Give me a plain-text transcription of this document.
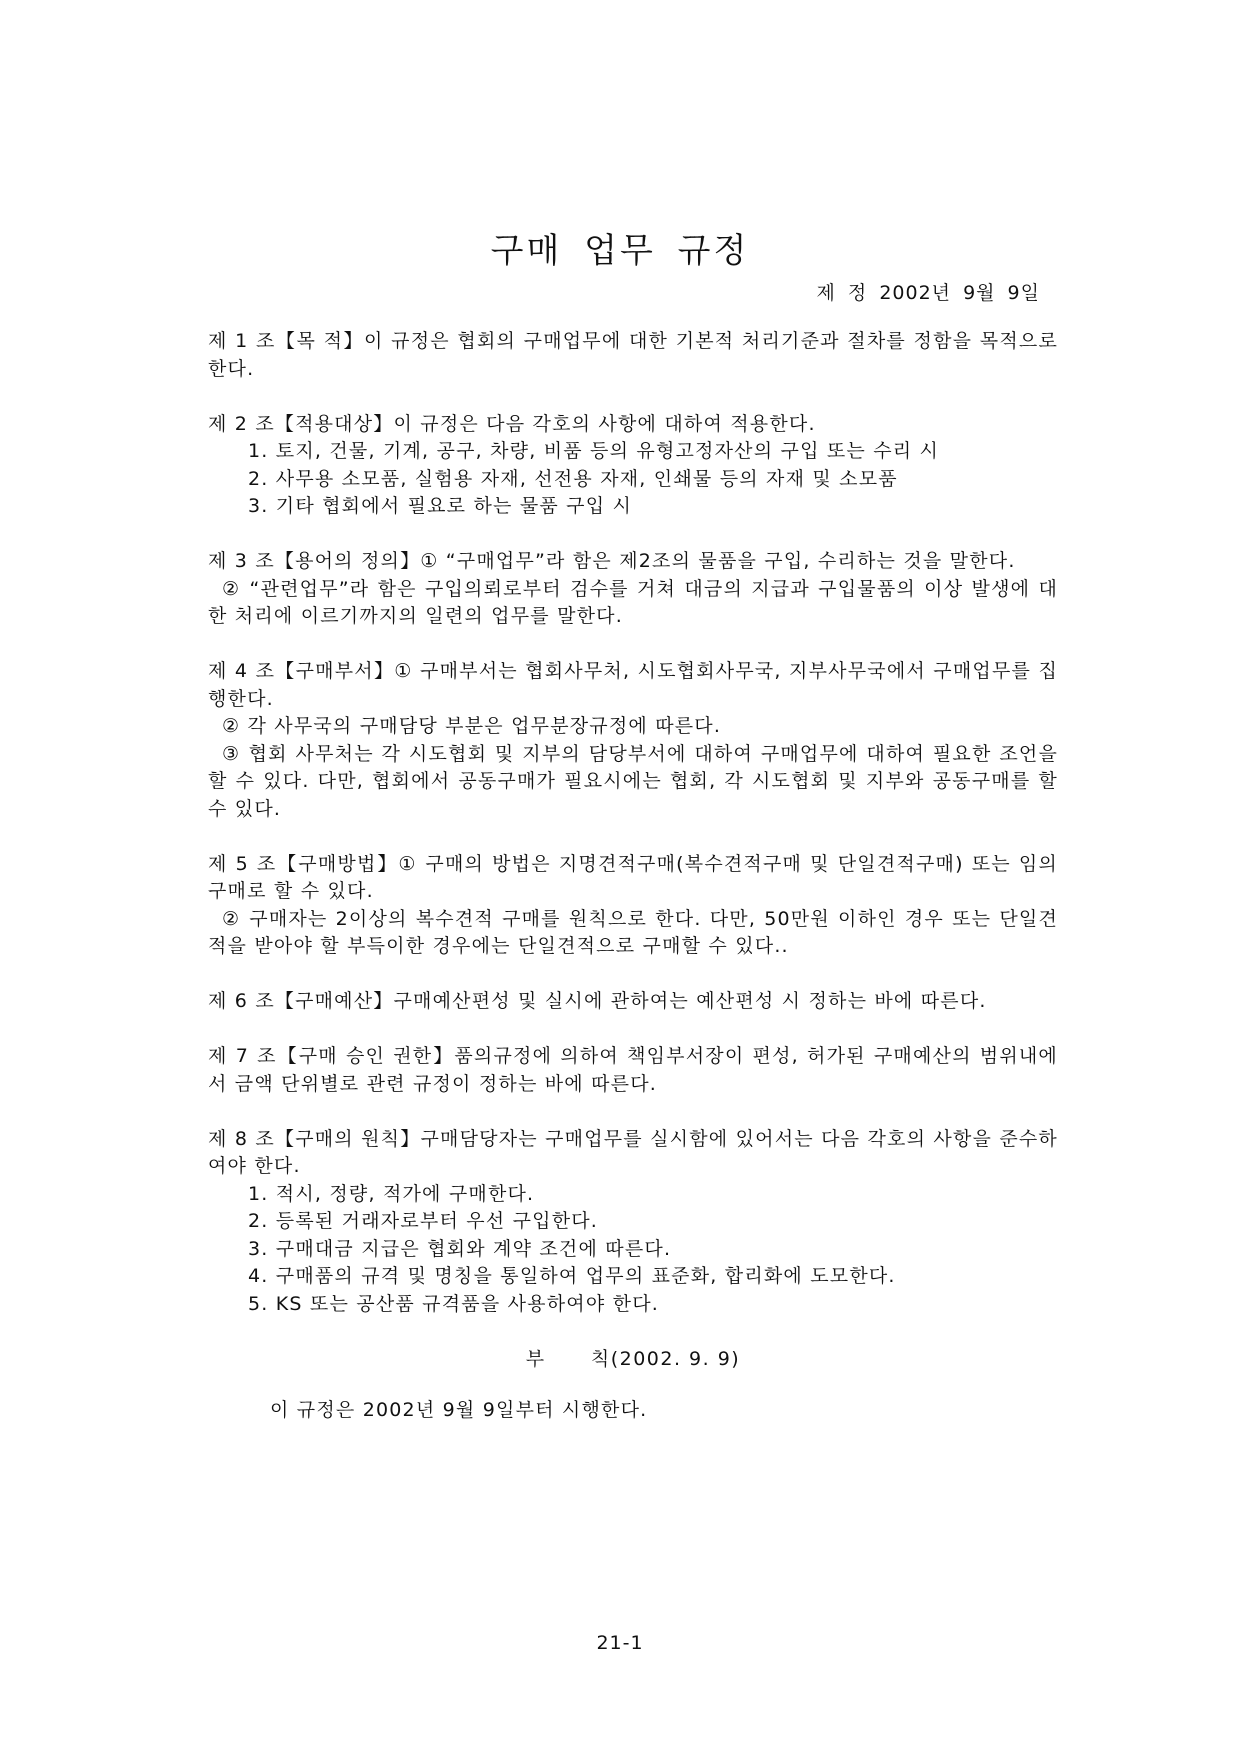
구매 업무 규정
제 정 2002년 9월 9일

제 1 조【목 적】이 규정은 협회의 구매업무에 대한 기본적 처리기준과 절차를 정함을 목적으로 한다.

제 2 조【적용대상】이 규정은 다음 각호의 사항에 대하여 적용한다.

1. 토지, 건물, 기계, 공구, 차량, 비품 등의 유형고정자산의 구입 또는 수리 시

2. 사무용 소모품, 실험용 자재, 선전용 자재, 인쇄물 등의 자재 및 소모품

3. 기타 협회에서 필요로 하는 물품 구입 시

제 3 조【용어의 정의】① “구매업무”라 함은 제2조의 물품을 구입, 수리하는 것을 말한다.

② “관련업무”라 함은 구입의뢰로부터 검수를 거쳐 대금의 지급과 구입물품의 이상 발생에 대한 처리에 이르기까지의 일련의 업무를 말한다.

제 4 조【구매부서】① 구매부서는 협회사무처, 시도협회사무국, 지부사무국에서 구매업무를 집행한다.

② 각 사무국의 구매담당 부분은 업무분장규정에 따른다.

③ 협회 사무처는 각 시도협회 및 지부의 담당부서에 대하여 구매업무에 대하여 필요한 조언을 할 수 있다. 다만, 협회에서 공동구매가 필요시에는 협회, 각 시도협회 및 지부와 공동구매를 할 수 있다.

제 5 조【구매방법】① 구매의 방법은 지명견적구매(복수견적구매 및 단일견적구매) 또는 임의구매로 할 수 있다.

② 구매자는 2이상의 복수견적 구매를 원칙으로 한다. 다만, 50만원 이하인 경우 또는 단일견적을 받아야 할 부득이한 경우에는 단일견적으로 구매할 수 있다..

제 6 조【구매예산】구매예산편성 및 실시에 관하여는 예산편성 시 정하는 바에 따른다.

제 7 조【구매 승인 권한】품의규정에 의하여 책임부서장이 편성, 허가된 구매예산의 범위내에서 금액 단위별로 관련 규정이 정하는 바에 따른다.

제 8 조【구매의 원칙】구매담당자는 구매업무를 실시함에 있어서는 다음 각호의 사항을 준수하여야 한다.

1. 적시, 정량, 적가에 구매한다.

2. 등록된 거래자로부터 우선 구입한다.

3. 구매대금 지급은 협회와 계약 조건에 따른다.

4. 구매품의 규격 및 명칭을 통일하여 업무의 표준화, 합리화에 도모한다.

5. KS 또는 공산품 규격품을 사용하여야 한다.

부      칙(2002. 9. 9)

이 규정은 2002년 9월 9일부터 시행한다.

21-1
